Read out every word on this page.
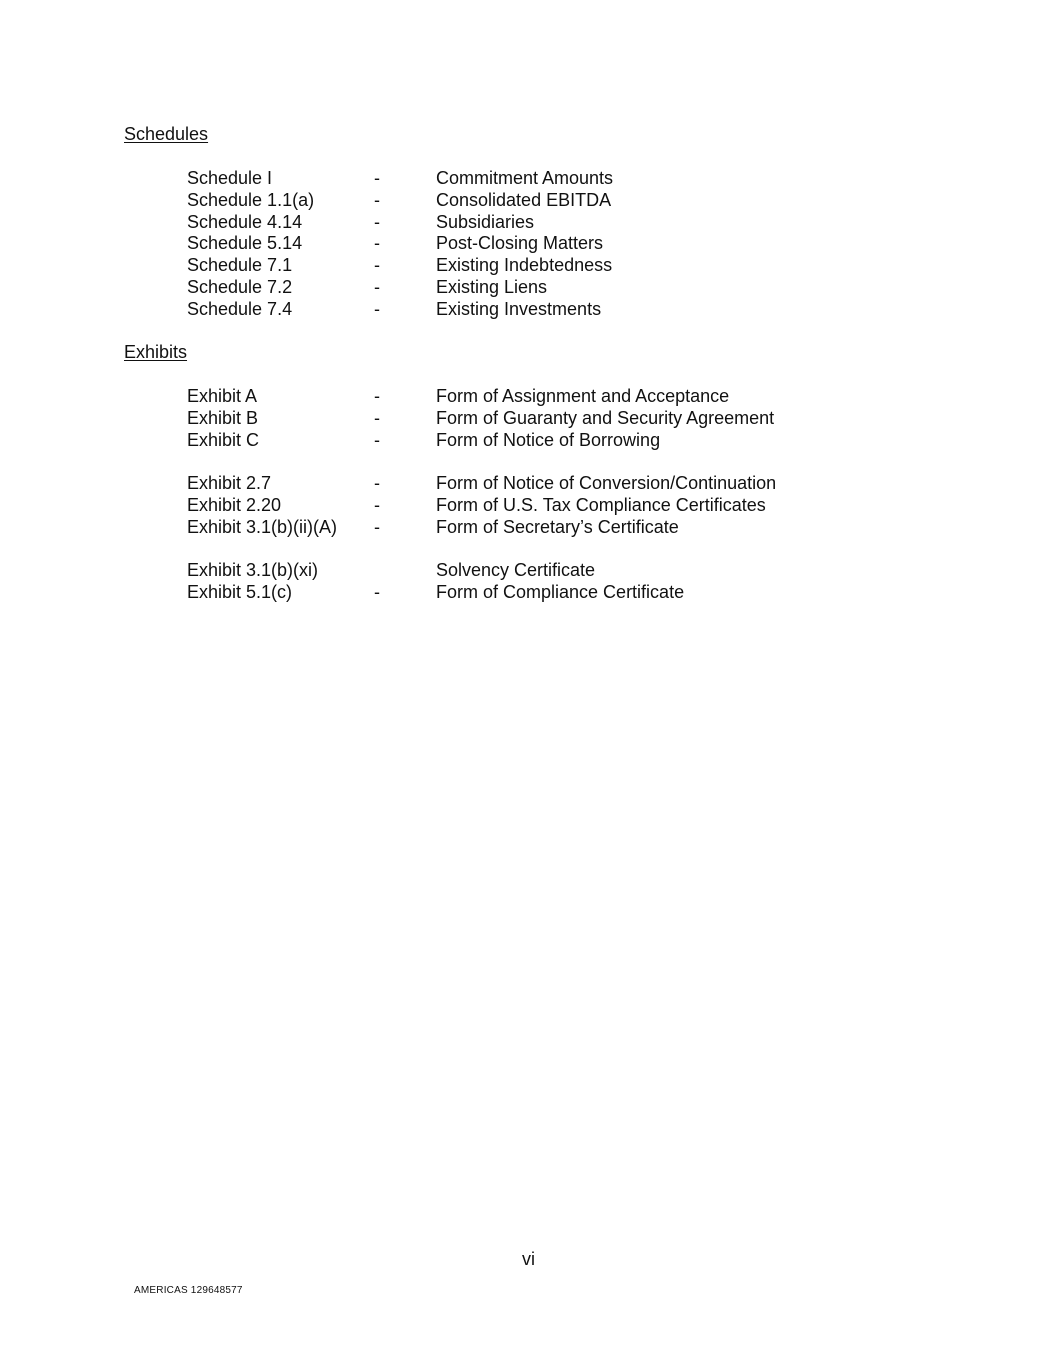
Schedules
Schedule I	-	Commitment Amounts
Schedule 1.1(a)	-	Consolidated EBITDA
Schedule 4.14	-	Subsidiaries
Schedule 5.14	-	Post-Closing Matters
Schedule 7.1	-	Existing Indebtedness
Schedule 7.2	-	Existing Liens
Schedule 7.4	-	Existing Investments
Exhibits
Exhibit A	-	Form of Assignment and Acceptance
Exhibit B	-	Form of Guaranty and Security Agreement
Exhibit C	-	Form of Notice of Borrowing
Exhibit 2.7	-	Form of Notice of Conversion/Continuation
Exhibit 2.20	-	Form of U.S. Tax Compliance Certificates
Exhibit 3.1(b)(ii)(A) -	Form of Secretary’s Certificate
Exhibit 3.1(b)(xi)	Solvency Certificate
Exhibit 5.1(c)	-	Form of Compliance Certificate
vi
AMERICAS 129648577
